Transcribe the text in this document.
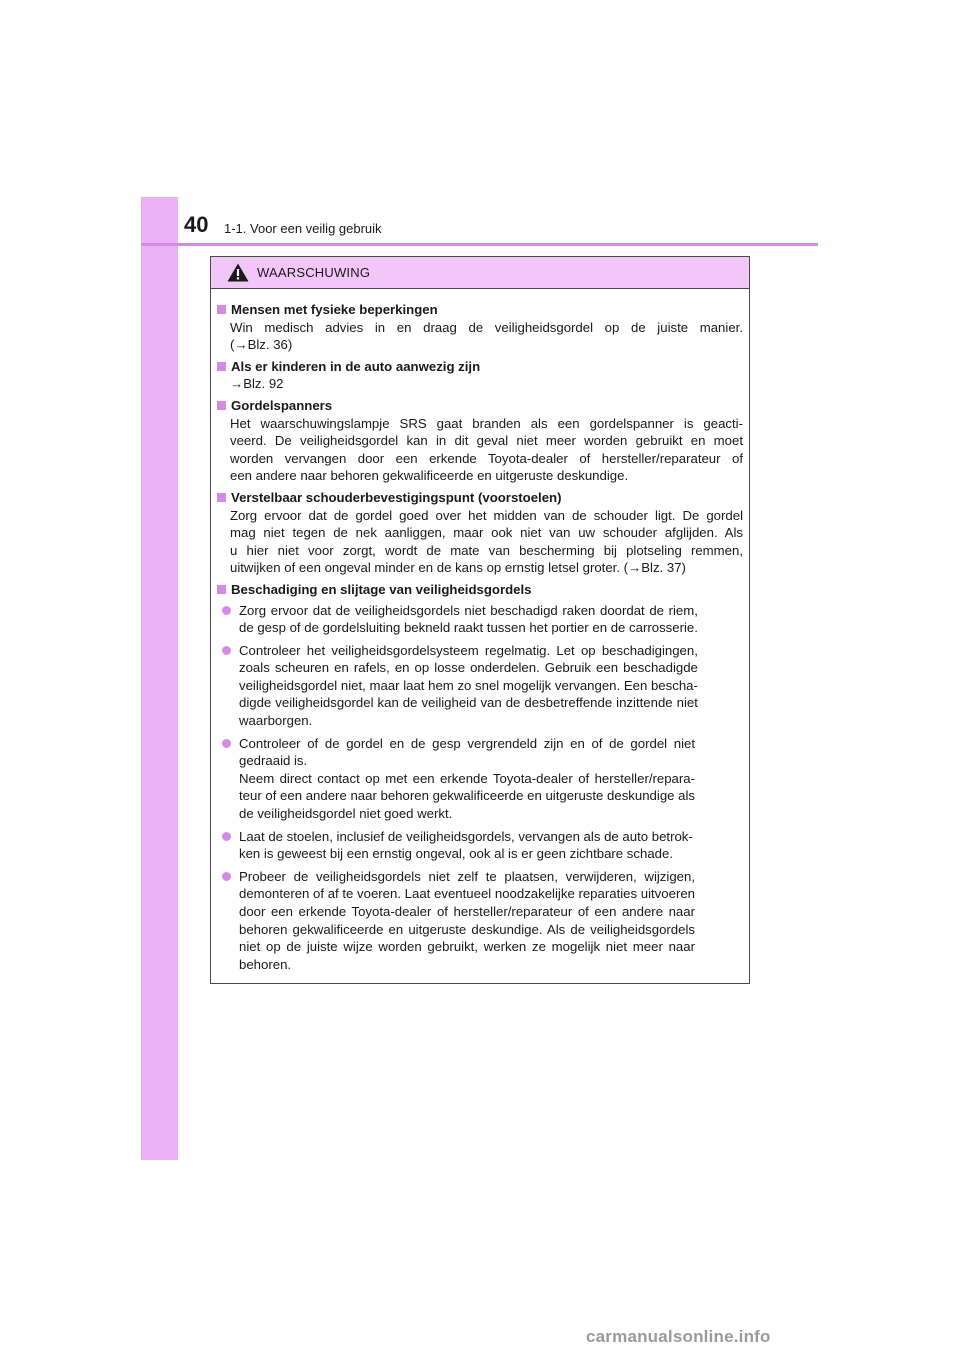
40 1-1. Voor een veilig gebruik
WAARSCHUWING
Mensen met fysieke beperkingen
Win medisch advies in en draag de veiligheidsgordel op de juiste manier.
(→Blz. 36)
Als er kinderen in de auto aanwezig zijn
→Blz. 92
Gordelspanners
Het waarschuwingslampje SRS gaat branden als een gordelspanner is geacti-
veerd. De veiligheidsgordel kan in dit geval niet meer worden gebruikt en moet
worden vervangen door een erkende Toyota-dealer of hersteller/reparateur of
een andere naar behoren gekwalificeerde en uitgeruste deskundige.
Verstelbaar schouderbevestigingspunt (voorstoelen)
Zorg ervoor dat de gordel goed over het midden van de schouder ligt. De gordel
mag niet tegen de nek aanliggen, maar ook niet van uw schouder afglijden. Als
u hier niet voor zorgt, wordt de mate van bescherming bij plotseling remmen,
uitwijken of een ongeval minder en de kans op ernstig letsel groter. (→Blz. 37)
Beschadiging en slijtage van veiligheidsgordels
Zorg ervoor dat de veiligheidsgordels niet beschadigd raken doordat de riem,
de gesp of de gordelsluiting bekneld raakt tussen het portier en de carrosserie.
Controleer het veiligheidsgordelsysteem regelmatig. Let op beschadigingen,
zoals scheuren en rafels, en op losse onderdelen. Gebruik een beschadigde
veiligheidsgordel niet, maar laat hem zo snel mogelijk vervangen. Een bescha-
digde veiligheidsgordel kan de veiligheid van de desbetreffende inzittende niet
waarborgen.
Controleer of de gordel en de gesp vergrendeld zijn en of de gordel niet
gedraaid is.
Neem direct contact op met een erkende Toyota-dealer of hersteller/repara-
teur of een andere naar behoren gekwalificeerde en uitgeruste deskundige als
de veiligheidsgordel niet goed werkt.
Laat de stoelen, inclusief de veiligheidsgordels, vervangen als de auto betrok-
ken is geweest bij een ernstig ongeval, ook al is er geen zichtbare schade.
Probeer de veiligheidsgordels niet zelf te plaatsen, verwijderen, wijzigen,
demonteren of af te voeren. Laat eventueel noodzakelijke reparaties uitvoeren
door een erkende Toyota-dealer of hersteller/reparateur of een andere naar
behoren gekwalificeerde en uitgeruste deskundige. Als de veiligheidsgordels
niet op de juiste wijze worden gebruikt, werken ze mogelijk niet meer naar
behoren.
carmanualsonline.info
